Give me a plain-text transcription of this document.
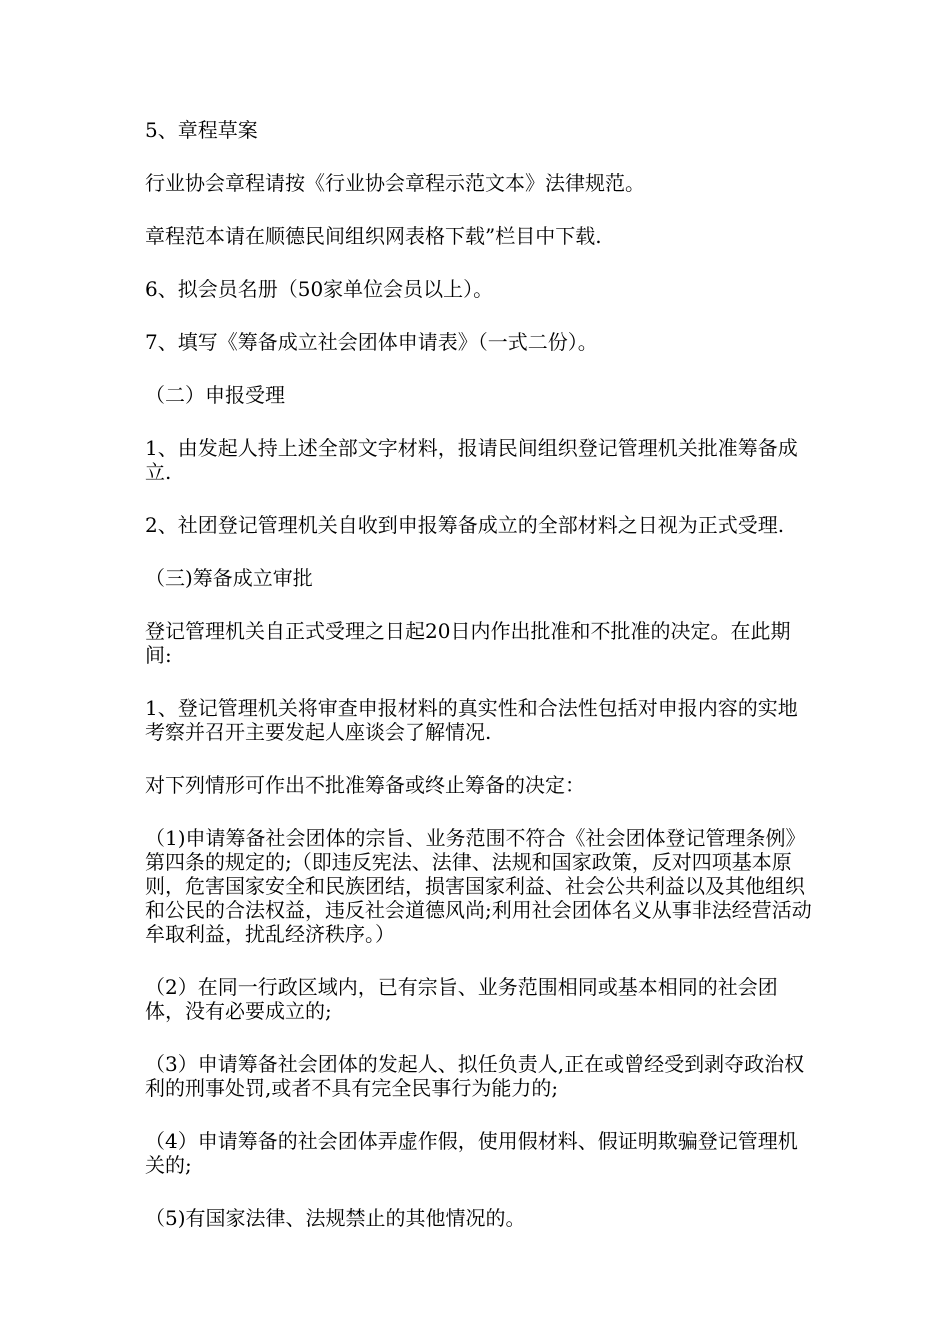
5、章程草案

行业协会章程请按《行业协会章程示范文本》法律规范。

章程范本请在顺德民间组织网表格下载”栏目中下载.

6、拟会员名册（50家单位会员以上）。

7、填写《筹备成立社会团体申请表》（一式二份）。

（二）申报受理

1、由发起人持上述全部文字材料，报请民间组织登记管理机关批准筹备成立.

2、社团登记管理机关自收到申报筹备成立的全部材料之日视为正式受理.

（三)筹备成立审批

登记管理机关自正式受理之日起20日内作出批准和不批准的决定。在此期间:

1、登记管理机关将审查申报材料的真实性和合法性包括对申报内容的实地考察并召开主要发起人座谈会了解情况.

对下列情形可作出不批准筹备或终止筹备的决定：

（1)申请筹备社会团体的宗旨、业务范围不符合《社会团体登记管理条例》第四条的规定的;（即违反宪法、法律、法规和国家政策，反对四项基本原则，危害国家安全和民族团结，损害国家利益、社会公共利益以及其他组织和公民的合法权益，违反社会道德风尚;利用社会团体名义从事非法经营活动牟取利益，扰乱经济秩序。）

（2）在同一行政区域内，已有宗旨、业务范围相同或基本相同的社会团体，没有必要成立的;

（3）申请筹备社会团体的发起人、拟任负责人,正在或曾经受到剥夺政治权利的刑事处罚,或者不具有完全民事行为能力的;

（4）申请筹备的社会团体弄虚作假，使用假材料、假证明欺骗登记管理机关的;

（5)有国家法律、法规禁止的其他情况的。
